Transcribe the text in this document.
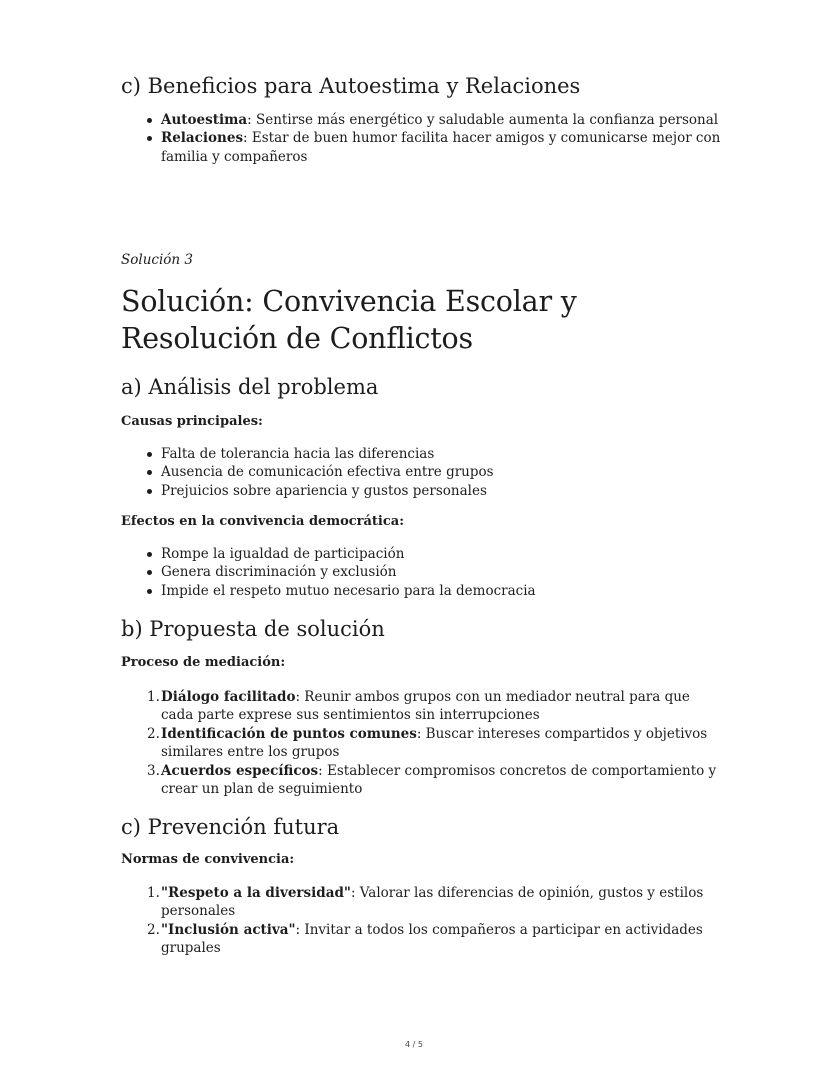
c) Beneficios para Autoestima y Relaciones
Autoestima: Sentirse más energético y saludable aumenta la confianza personal
Relaciones: Estar de buen humor facilita hacer amigos y comunicarse mejor con familia y compañeros
Solución 3
Solución: Convivencia Escolar y Resolución de Conflictos
a) Análisis del problema
Causas principales:
Falta de tolerancia hacia las diferencias
Ausencia de comunicación efectiva entre grupos
Prejuicios sobre apariencia y gustos personales
Efectos en la convivencia democrática:
Rompe la igualdad de participación
Genera discriminación y exclusión
Impide el respeto mutuo necesario para la democracia
b) Propuesta de solución
Proceso de mediación:
1. Diálogo facilitado: Reunir ambos grupos con un mediador neutral para que cada parte exprese sus sentimientos sin interrupciones
2. Identificación de puntos comunes: Buscar intereses compartidos y objetivos similares entre los grupos
3. Acuerdos específicos: Establecer compromisos concretos de comportamiento y crear un plan de seguimiento
c) Prevención futura
Normas de convivencia:
1. "Respeto a la diversidad": Valorar las diferencias de opinión, gustos y estilos personales
2. "Inclusión activa": Invitar a todos los compañeros a participar en actividades grupales
4 / 5
